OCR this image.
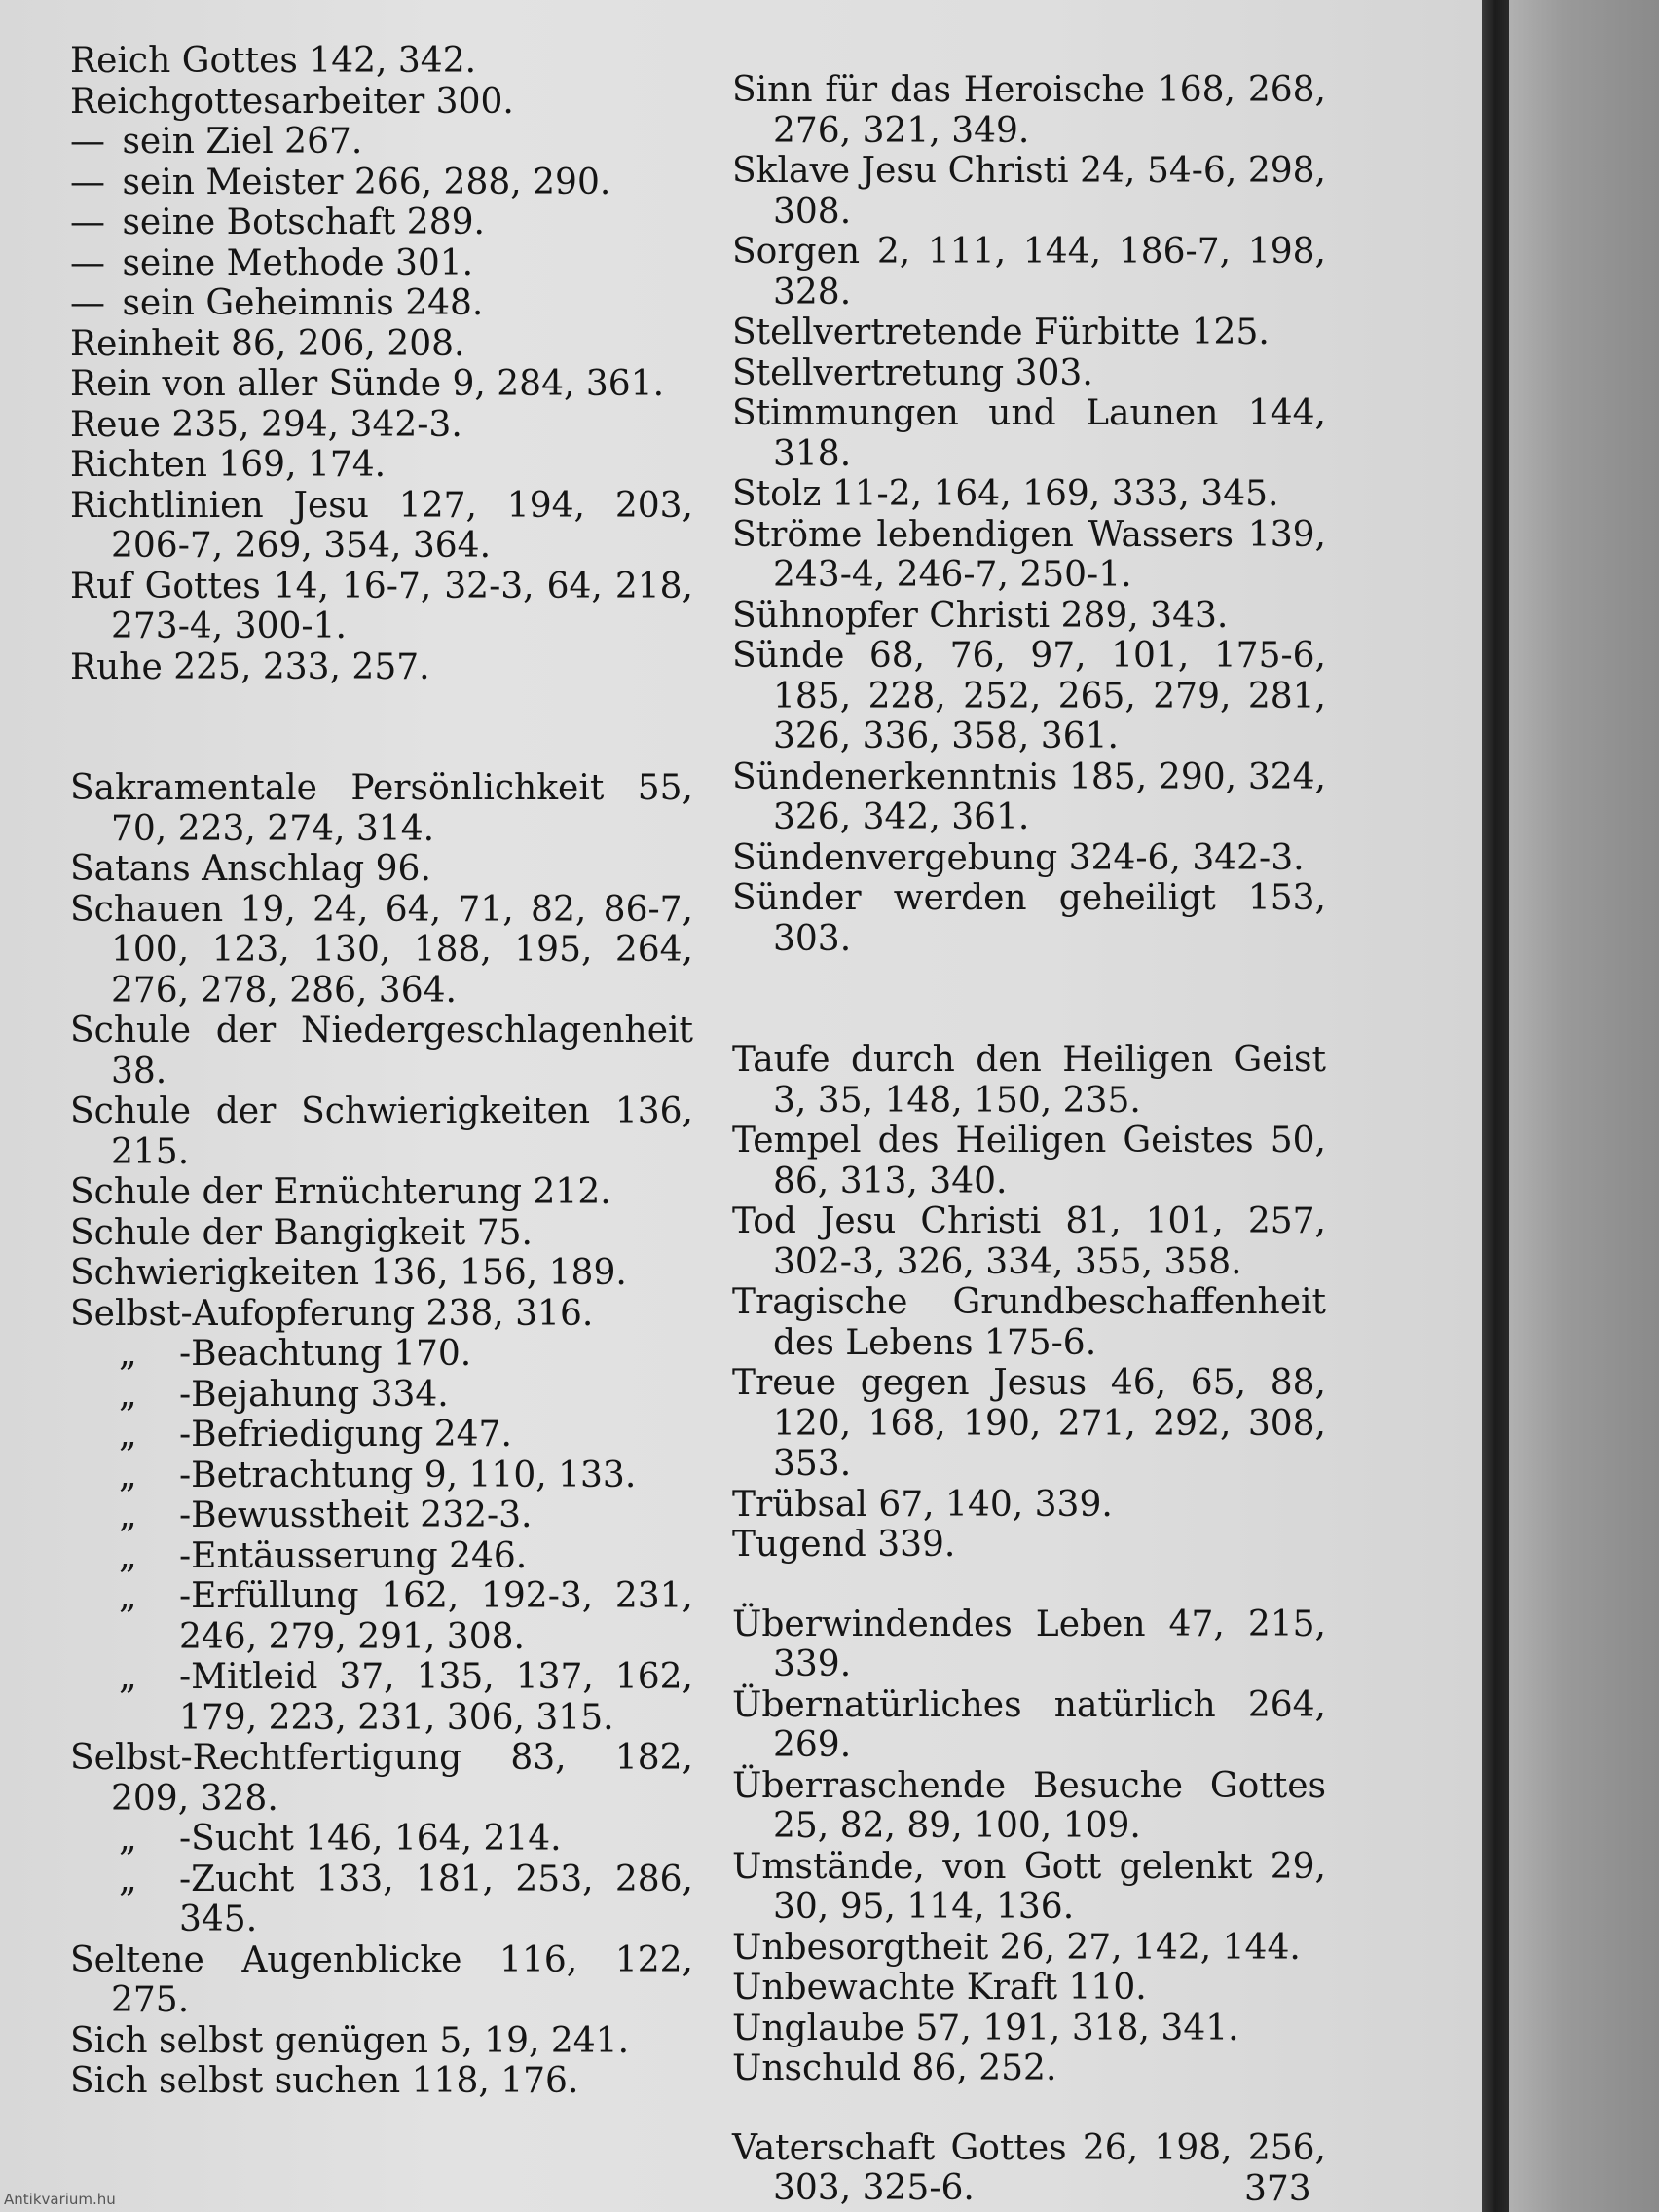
Reich Gottes 142, 342.
Reichgottesarbeiter 300.
— sein Ziel 267.
— sein Meister 266, 288, 290.
— seine Botschaft 289.
— seine Methode 301.
— sein Geheimnis 248.
Reinheit 86, 206, 208.
Rein von aller Sünde 9, 284, 361.
Reue 235, 294, 342-3.
Richten 169, 174.
Richtlinien Jesu 127, 194, 203, 206-7, 269, 354, 364.
Ruf Gottes 14, 16-7, 32-3, 64, 218, 273-4, 300-1.
Ruhe 225, 233, 257.
Sakramentale Persönlichkeit 55, 70, 223, 274, 314.
Satans Anschlag 96.
Schauen 19, 24, 64, 71, 82, 86-7, 100, 123, 130, 188, 195, 264, 276, 278, 286, 364.
Schule der Niedergeschlagenheit 38.
Schule der Schwierigkeiten 136, 215.
Schule der Ernüchterung 212.
Schule der Bangigkeit 75.
Schwierigkeiten 136, 156, 189.
Selbst-Aufopferung 238, 316.
„ -Beachtung 170.
„ -Bejahung 334.
„ -Befriedigung 247.
„ -Betrachtung 9, 110, 133.
„ -Bewusstheit 232-3.
„ -Entäusserung 246.
„ -Erfüllung 162, 192-3, 231, 246, 279, 291, 308.
„ -Mitleid 37, 135, 137, 162, 179, 223, 231, 306, 315.
Selbst-Rechtfertigung 83, 182, 209, 328.
„ -Sucht 146, 164, 214.
„ -Zucht 133, 181, 253, 286, 345.
Seltene Augenblicke 116, 122, 275.
Sich selbst genügen 5, 19, 241.
Sich selbst suchen 118, 176.
Sinn für das Heroische 168, 268, 276, 321, 349.
Sklave Jesu Christi 24, 54-6, 298, 308.
Sorgen 2, 111, 144, 186-7, 198, 328.
Stellvertretende Fürbitte 125.
Stellvertretung 303.
Stimmungen und Launen 144, 318.
Stolz 11-2, 164, 169, 333, 345.
Ströme lebendigen Wassers 139, 243-4, 246-7, 250-1.
Sühnopfer Christi 289, 343.
Sünde 68, 76, 97, 101, 175-6, 185, 228, 252, 265, 279, 281, 326, 336, 358, 361.
Sündenerkenntnis 185, 290, 324, 326, 342, 361.
Sündenvergebung 324-6, 342-3.
Sünder werden geheiligt 153, 303.
Taufe durch den Heiligen Geist 3, 35, 148, 150, 235.
Tempel des Heiligen Geistes 50, 86, 313, 340.
Tod Jesu Christi 81, 101, 257, 302-3, 326, 334, 355, 358.
Tragische Grundbeschaffenheit des Lebens 175-6.
Treue gegen Jesus 46, 65, 88, 120, 168, 190, 271, 292, 308, 353.
Trübsal 67, 140, 339.
Tugend 339.
Überwindendes Leben 47, 215, 339.
Übernatürliches natürlich 264, 269.
Überraschende Besuche Gottes 25, 82, 89, 100, 109.
Umstände, von Gott gelenkt 29, 30, 95, 114, 136.
Unbesorgtheit 26, 27, 142, 144.
Unbewachte Kraft 110.
Unglaube 57, 191, 318, 341.
Unschuld 86, 252.
Vaterschaft Gottes 26, 198, 256, 303, 325-6.	373
Antikvarium.hu
